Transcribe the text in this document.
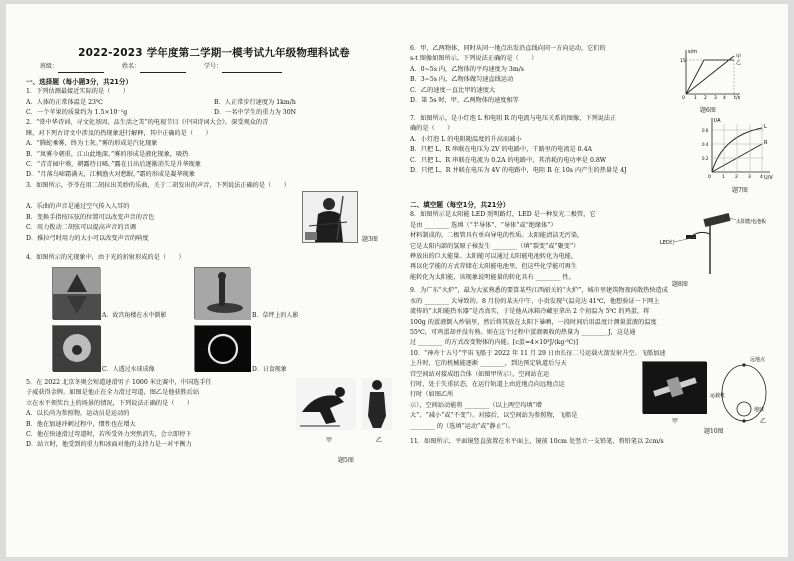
2022-2023 学年度第二学期一模考试九年级物理科试卷
班级：	姓名：	学号：
一、选择题（每小题3分，共21分）
1．下列估测最接近实际的是（　　）
A．人体的正常体温是 23℃	B．人正常步行速度为 1km/h
C．一个苹果的质量约为 1.5×10⁻¹g	D．一名中学生的重力为 30N
2．“赏中华诗词、寻文化基因、品生活之美”的电视节目《中国诗词大会》，深受观众的青
睐，对下列古诗文中涉及的热现象进行解释，其中正确的是（　　）
A．“腾蛇乘雾，终为土灰。”雾的形成是汽化现象
B．“岚雾今朝重，江山此地深。”雾的形成是液化现象，吸热
C．“青青园中葵，朝露待日晞。”露在日出后逐渐消失是升华现象
D．“月落乌啼霜满天，江枫渔火对愁眠。”霜的形成是凝华现象
3．如图所示，爷爷在用二胡拉出美妙的乐曲，关于二胡发出的声音，下列说法正确的是（　　）
A．乐曲的声音是通过空气传入人耳的
B．变换手指按压弦的位置可以改变声音的音色
C．用力拨动二胡弦可以提高声音的音调
D．推拉弓时用力的大小可以改变声音的响度	题3图
4．如图所示的光现象中，由于光的折射形成的是（　　）
A．故宫角楼在水中倒影	B．草坪上的人影
C．人透过水球成像	D．日食现象
5．在 2022 北京冬奥会短道速滑男子 1000 米比赛中，中国选手任
子威获得金牌。如图是他正在全力滑过弯道，图乙是他获胜后站
立在水平领奖台上的场景的情况，下列说法正确的是（　　）
A．以长尚为参照物，运动员是运动的
B．他在加速冲刺过程中，惯性也在增大
C．他在快速滑过弯道时，若所受外力突然消失，会立即停下
D．站立时，他受到的重力和冰面对他的支持力是一对平衡力
甲	乙
题5图
6．甲、乙两物体，同时从同一地点出发沿直线向同一方向运动，它们的
s-t 图像如图所示，下列说法正确的是（　　）
A．0~5s 内，乙物体的平均速度为 3m/s
B．3~5s 内，乙物体做匀速直线运动
C．乙的速度一直比甲的速度大
D．第 5s 时，甲、乙两物体的速度相等
s/m
t/s
甲
乙
15
0 1 2 3 4
题6图
7．如图所示，是小灯泡 L 和电阻 R 的电流与电压关系的图像，下列说法正
确的是（　　）
A．小灯泡 L 的电阻随温度的升高而减小
B．只把 L、R 串联在电压为 2V 的电路中，干路里的电流是 0.4A
C．只把 L、R 串联在电流为 0.2A 的电路中，其消耗的电功率是 0.8W
D．只把 L、R 并联在电压为 4V 的电路中，电阻 R 在 10s 内产生的热量是 4J
I/A
U/V
L
R
0 1 2 3 4
0.2
0.4
0.6
题7图
二、填空题（每空1分，共21分）
8．如图所示是太阳能 LED 照明路灯，LED 是一种发光二极管，它
是由 ________ 选填（“半导体”、“导体”或“绝缘体”）
材料制成的。二极管具有单向导电的性质。太阳能清洁无污染，
它是太阳内部的氢原子核发生 ________（填“裂变”或“聚变”）
释放出的巨大能量。太阳能可以通过太阳能电池转化为电能，
再以化学能的方式存储在太阳能电池里，但这些化学能可再生
能转化为太阳能，该现象说明能量的转化具有 ________ 性。
LED灯
太阳能电池板
题8图
9．为广东“火炉”，最为大家熟悉的要算某些江西韶关的“火炉”，城市里建筑物夜间散热快造成
水的 ________ 大导致的。8 月份的某天中午，小贵发现气温竟达 41℃，他想验证一下网上
流传的“太阳能热水器”是否真实，于是他从冰箱冷藏室拿出 2 个初温为 5℃ 的鸡蛋，将
100g 的蛋液倒入炒锅里，然后将其放在太阳下暴晒，一段时间后用温度计测量蛋液的温度
55℃，可鸡蛋却并没有熟。则在这个过程中蛋液吸收的热量为 ________ J，这是通
过 ________ 的方式改变物体的内能。[c蛋=4×10³J/(kg·℃)]
10．“神舟十五号”宇宙飞船于 2022 年 11 月 29 日由长征二号运载火箭发射升空。飞船加速
上升时，它的机械能逐渐 ________，到达预定轨道后与天
宫空间站对接成组合体（如图甲所示）。空间站在运
行时，处于失重状态，在运行轨道上由近地点向远地点运
行时（如图乙所
示），空间站动能将 ________（以上两空均填“增
大”、“减小”或“不变”）。对接后，以空间站为参照物，飞船是
________ 的（选填“运动”或“静止”）。
远地点
地球
运载机
甲	乙
题10图
11．如图所示，平面镜竖直放置在水平面上，镜前 10cm 处竖立一支铅笔，将铅笔以 2cm/s
